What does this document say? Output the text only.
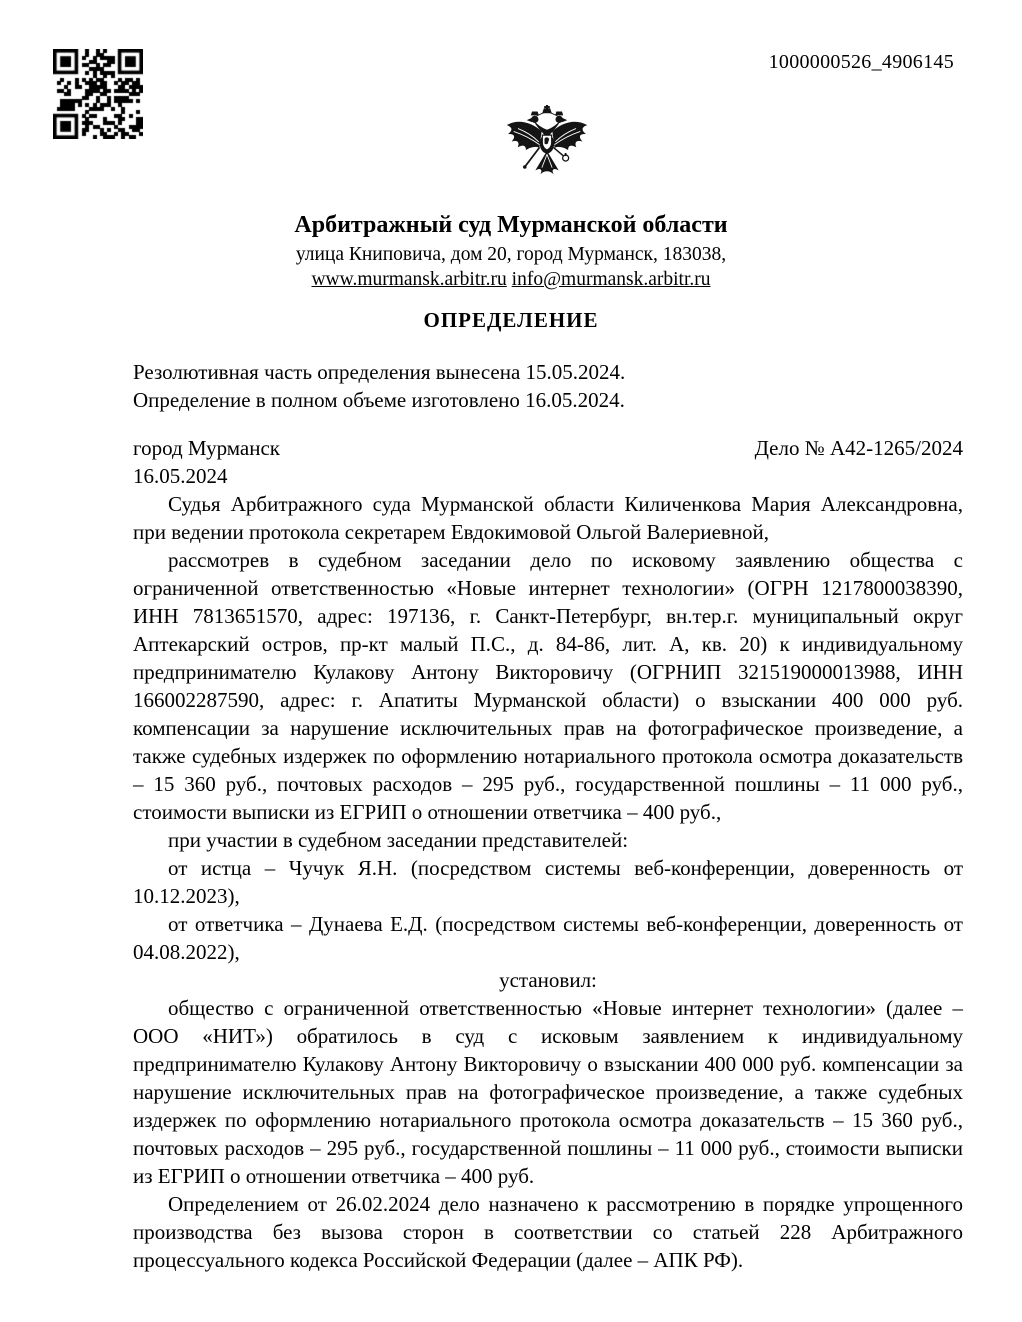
1000000526_4906145
Арбитражный суд Мурманской области
улица Книповича, дом 20, город Мурманск, 183038,
www.murmansk.arbitr.ru info@murmansk.arbitr.ru
ОПРЕДЕЛЕНИЕ

Резолютивная часть определения вынесена 15.05.2024.

Определение в полном объеме изготовлено 16.05.2024.

город Мурманск	Дело № А42-1265/2024

16.05.2024

Судья Арбитражного суда Мурманской области Киличенкова Мария Александровна, при ведении протокола секретарем Евдокимовой Ольгой Валериевной,

рассмотрев в судебном заседании дело по исковому заявлению общества с ограниченной ответственностью «Новые интернет технологии» (ОГРН 1217800038390, ИНН 7813651570, адрес: 197136, г. Санкт-Петербург, вн.тер.г. муниципальный округ Аптекарский остров, пр-кт малый П.С., д. 84-86, лит. А, кв. 20) к индивидуальному предпринимателю Кулакову Антону Викторовичу (ОГРНИП 321519000013988, ИНН 166002287590, адрес: г. Апатиты Мурманской области) о взыскании 400 000 руб. компенсации за нарушение исключительных прав на фотографическое произведение, а также судебных издержек по оформлению нотариального протокола осмотра доказательств – 15 360 руб., почтовых расходов – 295 руб., государственной пошлины – 11 000 руб., стоимости выписки из ЕГРИП о отношении ответчика – 400 руб.,

при участии в судебном заседании представителей:

от истца – Чучук Я.Н. (посредством системы веб-конференции, доверенность от 10.12.2023),

от ответчика – Дунаева Е.Д. (посредством системы веб-конференции, доверенность от 04.08.2022),

установил:

общество с ограниченной ответственностью «Новые интернет технологии» (далее – ООО «НИТ») обратилось в суд с исковым заявлением к индивидуальному предпринимателю Кулакову Антону Викторовичу о взыскании 400 000 руб. компенсации за нарушение исключительных прав на фотографическое произведение, а также судебных издержек по оформлению нотариального протокола осмотра доказательств – 15 360 руб., почтовых расходов – 295 руб., государственной пошлины – 11 000 руб., стоимости выписки из ЕГРИП о отношении ответчика – 400 руб.

Определением от 26.02.2024 дело назначено к рассмотрению в порядке упрощенного производства без вызова сторон в соответствии со статьей 228 Арбитражного процессуального кодекса Российской Федерации (далее – АПК РФ).
